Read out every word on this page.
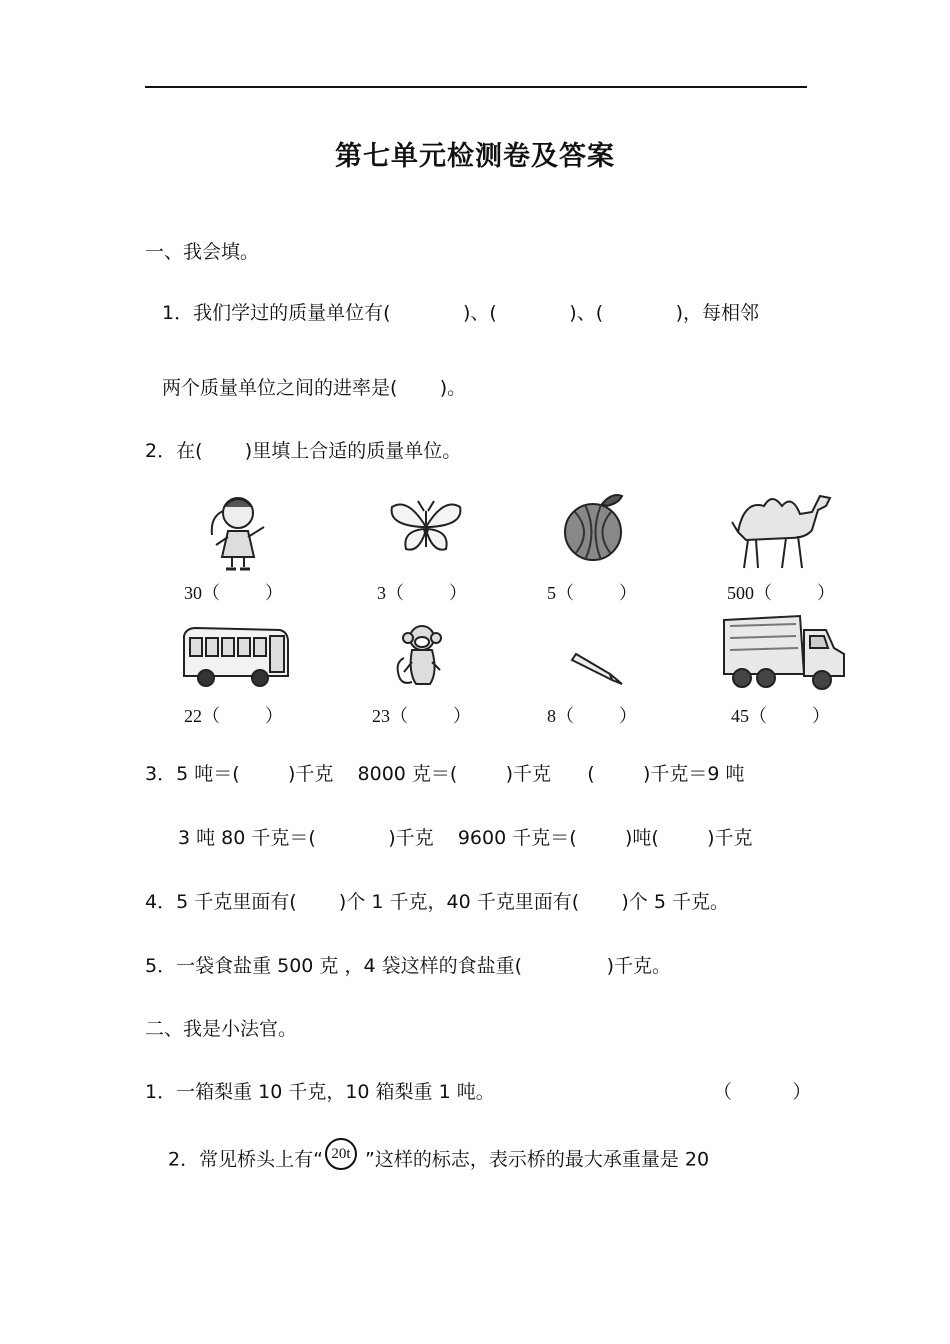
第七单元检测卷及答案
一、我会填。
1．我们学过的质量单位有(            )、(            )、(            )，每相邻
两个质量单位之间的进率是(       )。
2．在(       )里填上合适的质量单位。
30（          ）	3（          ）	5（          ）	500（          ）
22（          ）	23（          ）	8（          ）	45（          ）
3．5 吨＝(        )千克    8000 克＝(        )千克      (        )千克＝9 吨
3 吨 80 千克＝(            )千克    9600 千克＝(        )吨(        )千克
4．5 千克里面有(       )个 1 千克，40 千克里面有(       )个 5 千克。
5．一袋食盐重 500 克 ，4 袋这样的食盐重(              )千克。
二、我是小法官。
1．一箱梨重 10 千克，10 箱梨重 1 吨。	（          ）
2．常见桥头上有“ 20t ”这样的标志，表示桥的最大承重量是 20
